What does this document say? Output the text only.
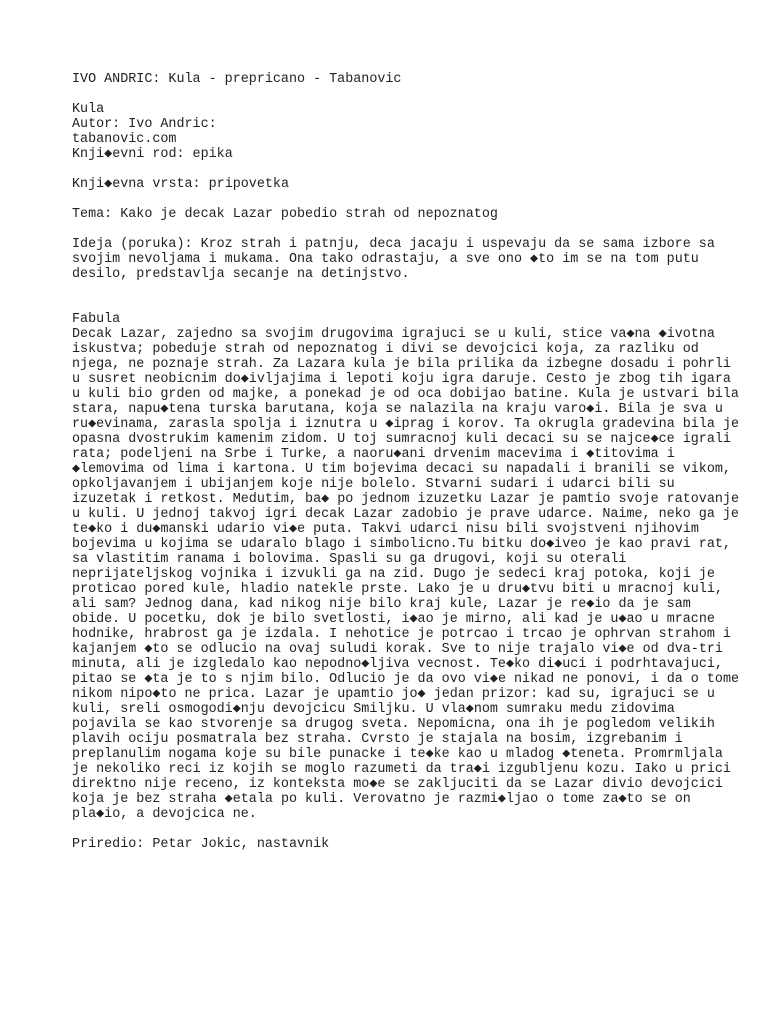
IVO ANDRIC: Kula - prepricano - Tabanovic
Kula
Autor: Ivo Andric:
tabanovic.com
Knji◆evni rod: epika
Knji◆evna vrsta: pripovetka
Tema: Kako je decak Lazar pobedio strah od nepoznatog
Ideja (poruka): Kroz strah i patnju, deca jacaju i uspevaju da se sama izbore sa
svojim nevoljama i mukama. Ona tako odrastaju, a sve ono ◆to im se na tom putu
desilo, predstavlja secanje na detinjstvo.
Fabula
Decak Lazar, zajedno sa svojim drugovima igrajuci se u kuli, stice va◆na ◆ivotna
iskustva; pobeduje strah od nepoznatog i divi se devojcici koja, za razliku od
njega, ne poznaje strah. Za Lazara kula je bila prilika da izbegne dosadu i pohrli
u susret neobicnim do◆ivljajima i lepoti koju igra daruje. Cesto je zbog tih igara
u kuli bio grden od majke, a ponekad je od oca dobijao batine. Kula je ustvari bila
stara, napu◆tena turska barutana, koja se nalazila na kraju varo◆i. Bila je sva u
ru◆evinama, zarasla spolja i iznutra u ◆iprag i korov. Ta okrugla gradevina bila je
opasna dvostrukim kamenim zidom. U toj sumracnoj kuli decaci su se najce◆ce igrali
rata; podeljeni na Srbe i Turke, a naoru◆ani drvenim macevima i ◆titovima i
◆lemovima od lima i kartona. U tim bojevima decaci su napadali i branili se vikom,
opkoljavanjem i ubijanjem koje nije bolelo. Stvarni sudari i udarci bili su
izuzetak i retkost. Medutim, ba◆ po jednom izuzetku Lazar je pamtio svoje ratovanje
u kuli. U jednoj takvoj igri decak Lazar zadobio je prave udarce. Naime, neko ga je
te◆ko i du◆manski udario vi◆e puta. Takvi udarci nisu bili svojstveni njihovim
bojevima u kojima se udaralo blago i simbolicno.Tu bitku do◆iveo je kao pravi rat,
sa vlastitim ranama i bolovima. Spasli su ga drugovi, koji su oterali
neprijateljskog vojnika i izvukli ga na zid. Dugo je sedeci kraj potoka, koji je
proticao pored kule, hladio natekle prste. Lako je u dru◆tvu biti u mracnoj kuli,
ali sam? Jednog dana, kad nikog nije bilo kraj kule, Lazar je re◆io da je sam
obide. U pocetku, dok je bilo svetlosti, i◆ao je mirno, ali kad je u◆ao u mracne
hodnike, hrabrost ga je izdala. I nehotice je potrcao i trcao je ophrvan strahom i
kajanjem ◆to se odlucio na ovaj suludi korak. Sve to nije trajalo vi◆e od dva-tri
minuta, ali je izgledalo kao nepodno◆ljiva vecnost. Te◆ko di◆uci i podrhtavajuci,
pitao se ◆ta je to s njim bilo. Odlucio je da ovo vi◆e nikad ne ponovi, i da o tome
nikom nipo◆to ne prica. Lazar je upamtio jo◆ jedan prizor: kad su, igrajuci se u
kuli, sreli osmogodi◆nju devojcicu Smiljku. U vla◆nom sumraku medu zidovima
pojavila se kao stvorenje sa drugog sveta. Nepomicna, ona ih je pogledom velikih
plavih ociju posmatrala bez straha. Cvrsto je stajala na bosim, izgrebanim i
preplanulim nogama koje su bile punacke i te◆ke kao u mladog ◆teneta. Promrmljala
je nekoliko reci iz kojih se moglo razumeti da tra◆i izgubljenu kozu. Iako u prici
direktno nije receno, iz konteksta mo◆e se zakljuciti da se Lazar divio devojcici
koja je bez straha ◆etala po kuli. Verovatno je razmi◆ljao o tome za◆to se on
pla◆io, a devojcica ne.
Priredio: Petar Jokic, nastavnik
